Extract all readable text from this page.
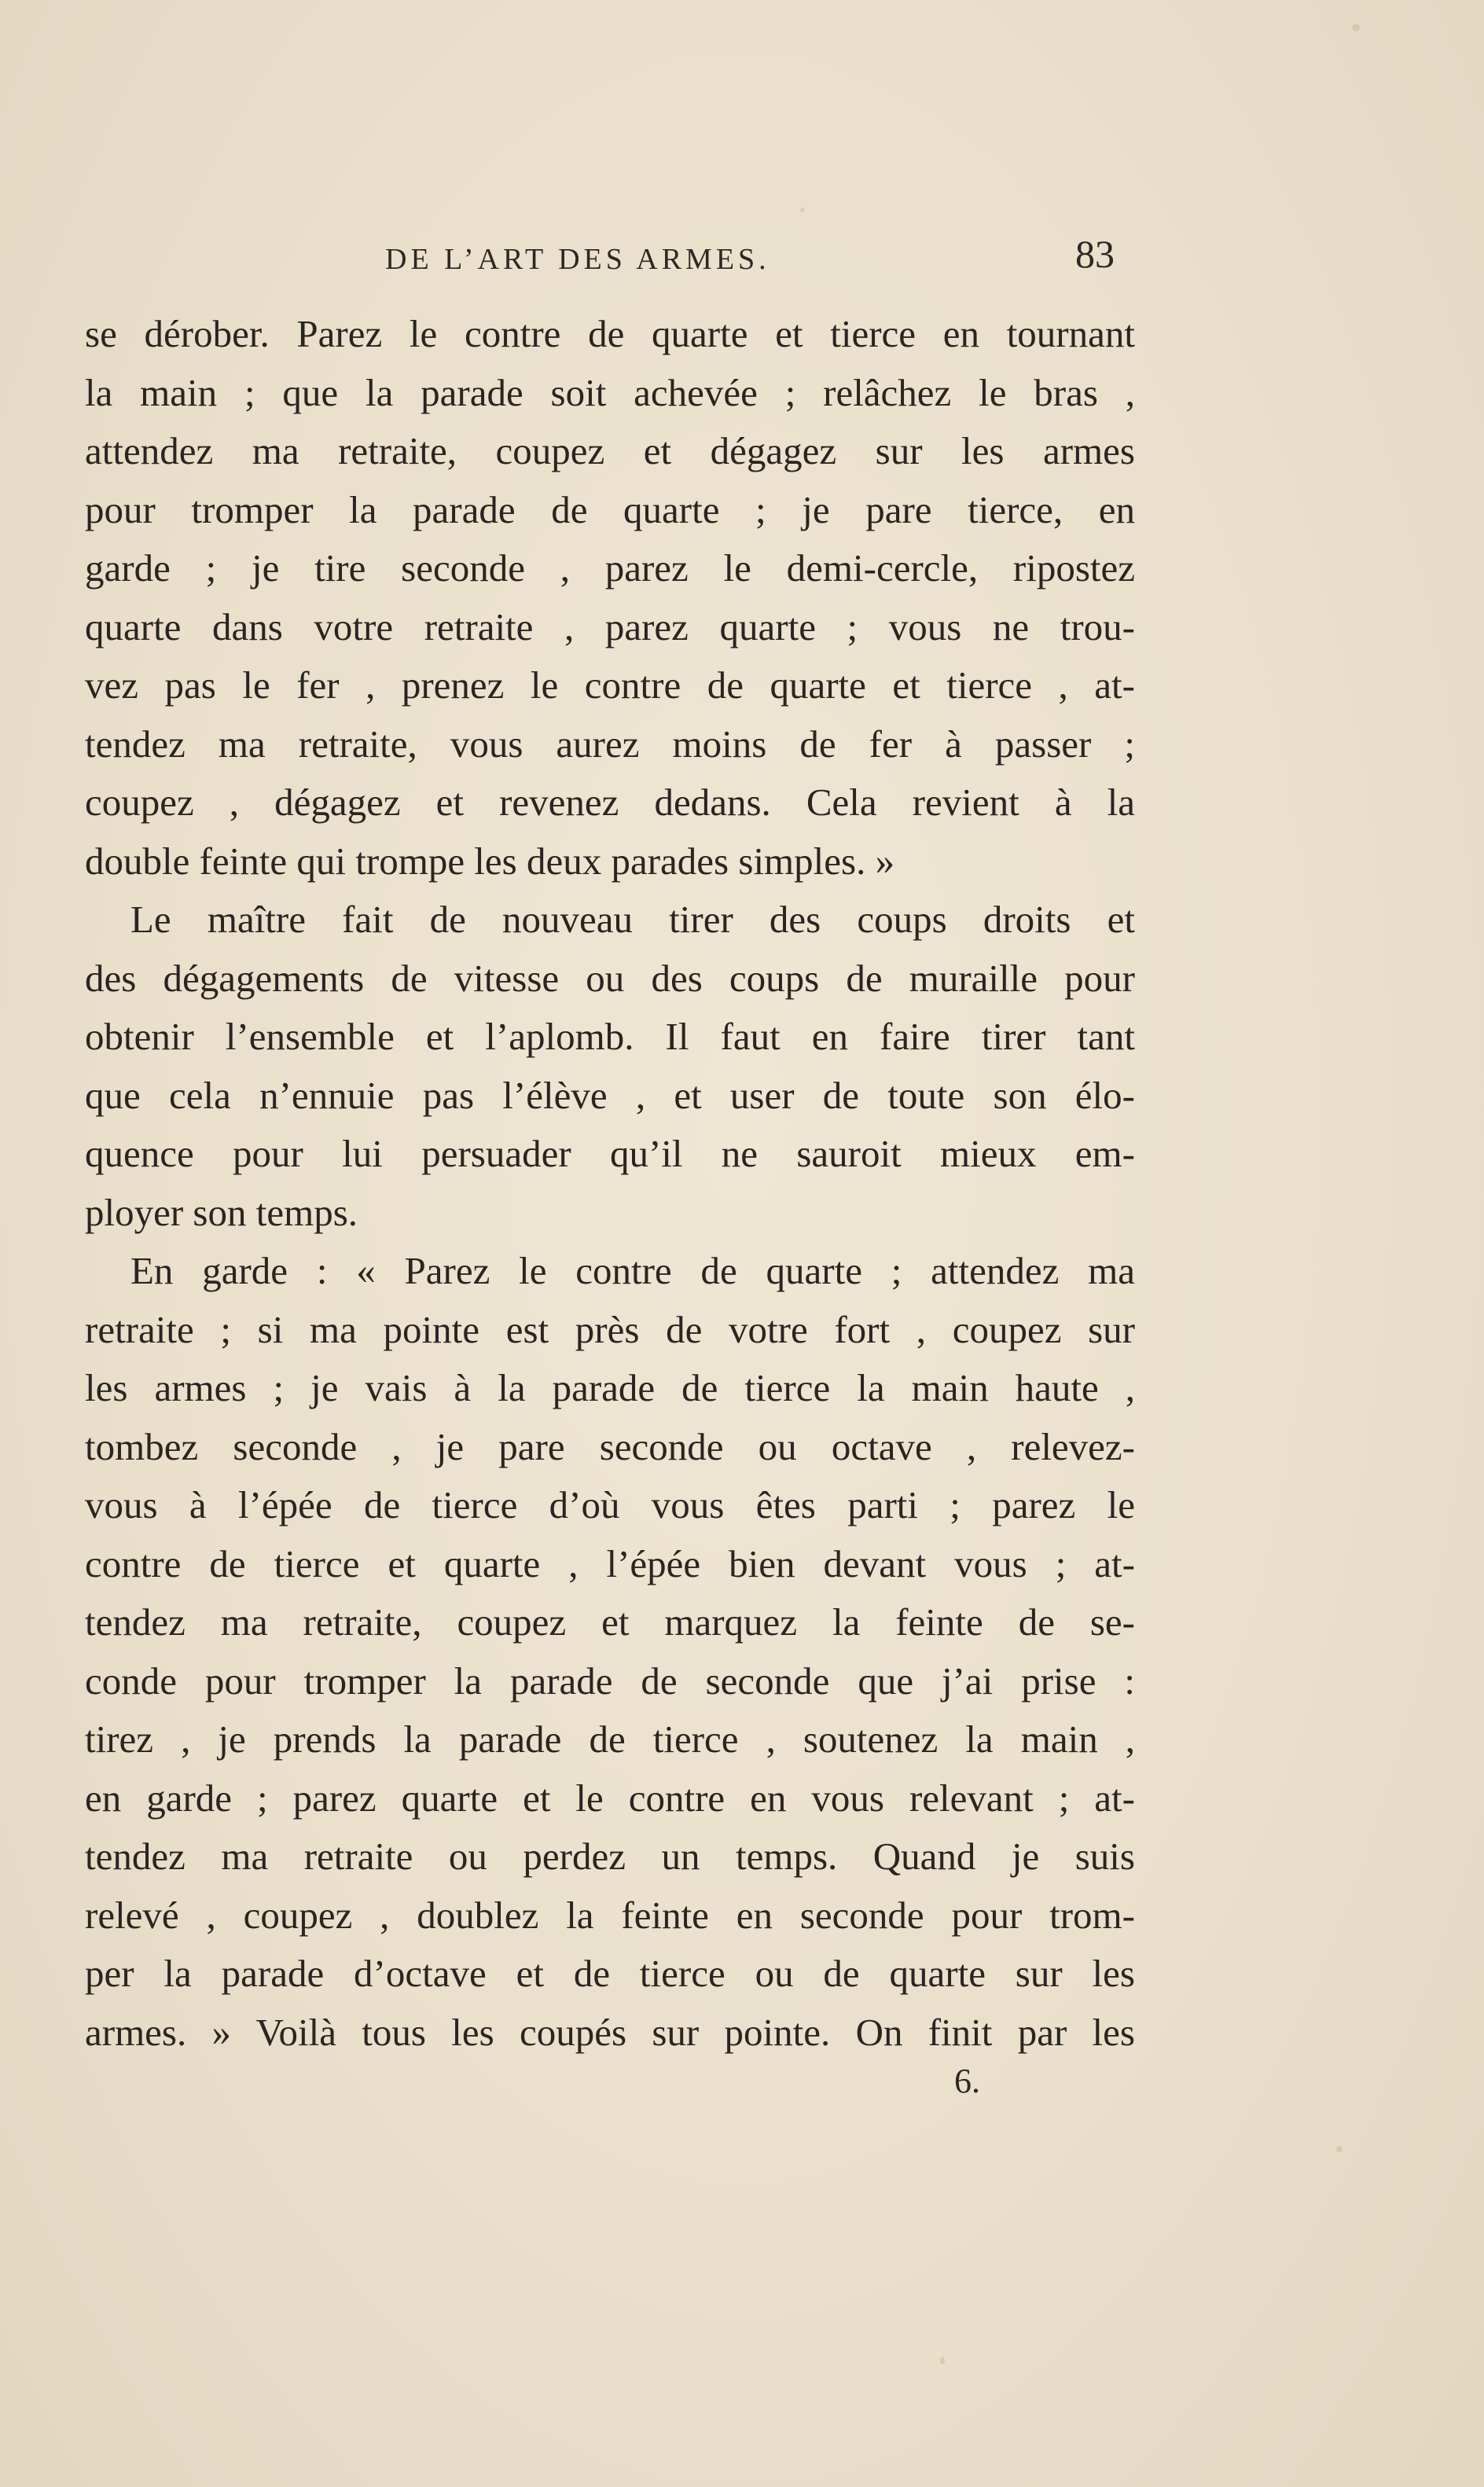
DE L’ART DES ARMES.	83
se dérober. Parez le contre de quarte et tierce en tournant
la main ; que la parade soit achevée ; relâchez le bras ,
attendez ma retraite, coupez et dégagez sur les armes
pour tromper la parade de quarte ; je pare tierce, en
garde ; je tire seconde , parez le demi-cercle, ripostez
quarte dans votre retraite , parez quarte ; vous ne trou-
vez pas le fer , prenez le contre de quarte et tierce , at-
tendez ma retraite, vous aurez moins de fer à passer ;
coupez , dégagez et revenez dedans. Cela revient à la
double feinte qui trompe les deux parades simples. »
Le maître fait de nouveau tirer des coups droits et
des dégagements de vitesse ou des coups de muraille pour
obtenir l’ensemble et l’aplomb. Il faut en faire tirer tant
que cela n’ennuie pas l’élève , et user de toute son élo-
quence pour lui persuader qu’il ne sauroit mieux em-
ployer son temps.
En garde : « Parez le contre de quarte ; attendez ma
retraite ; si ma pointe est près de votre fort , coupez sur
les armes ; je vais à la parade de tierce la main haute ,
tombez seconde , je pare seconde ou octave , relevez-
vous à l’épée de tierce d’où vous êtes parti ; parez le
contre de tierce et quarte , l’épée bien devant vous ; at-
tendez ma retraite, coupez et marquez la feinte de se-
conde pour tromper la parade de seconde que j’ai prise :
tirez , je prends la parade de tierce , soutenez la main ,
en garde ; parez quarte et le contre en vous relevant ; at-
tendez ma retraite ou perdez un temps. Quand je suis
relevé , coupez , doublez la feinte en seconde pour trom-
per la parade d’octave et de tierce ou de quarte sur les
armes. » Voilà tous les coupés sur pointe. On finit par les
6.
